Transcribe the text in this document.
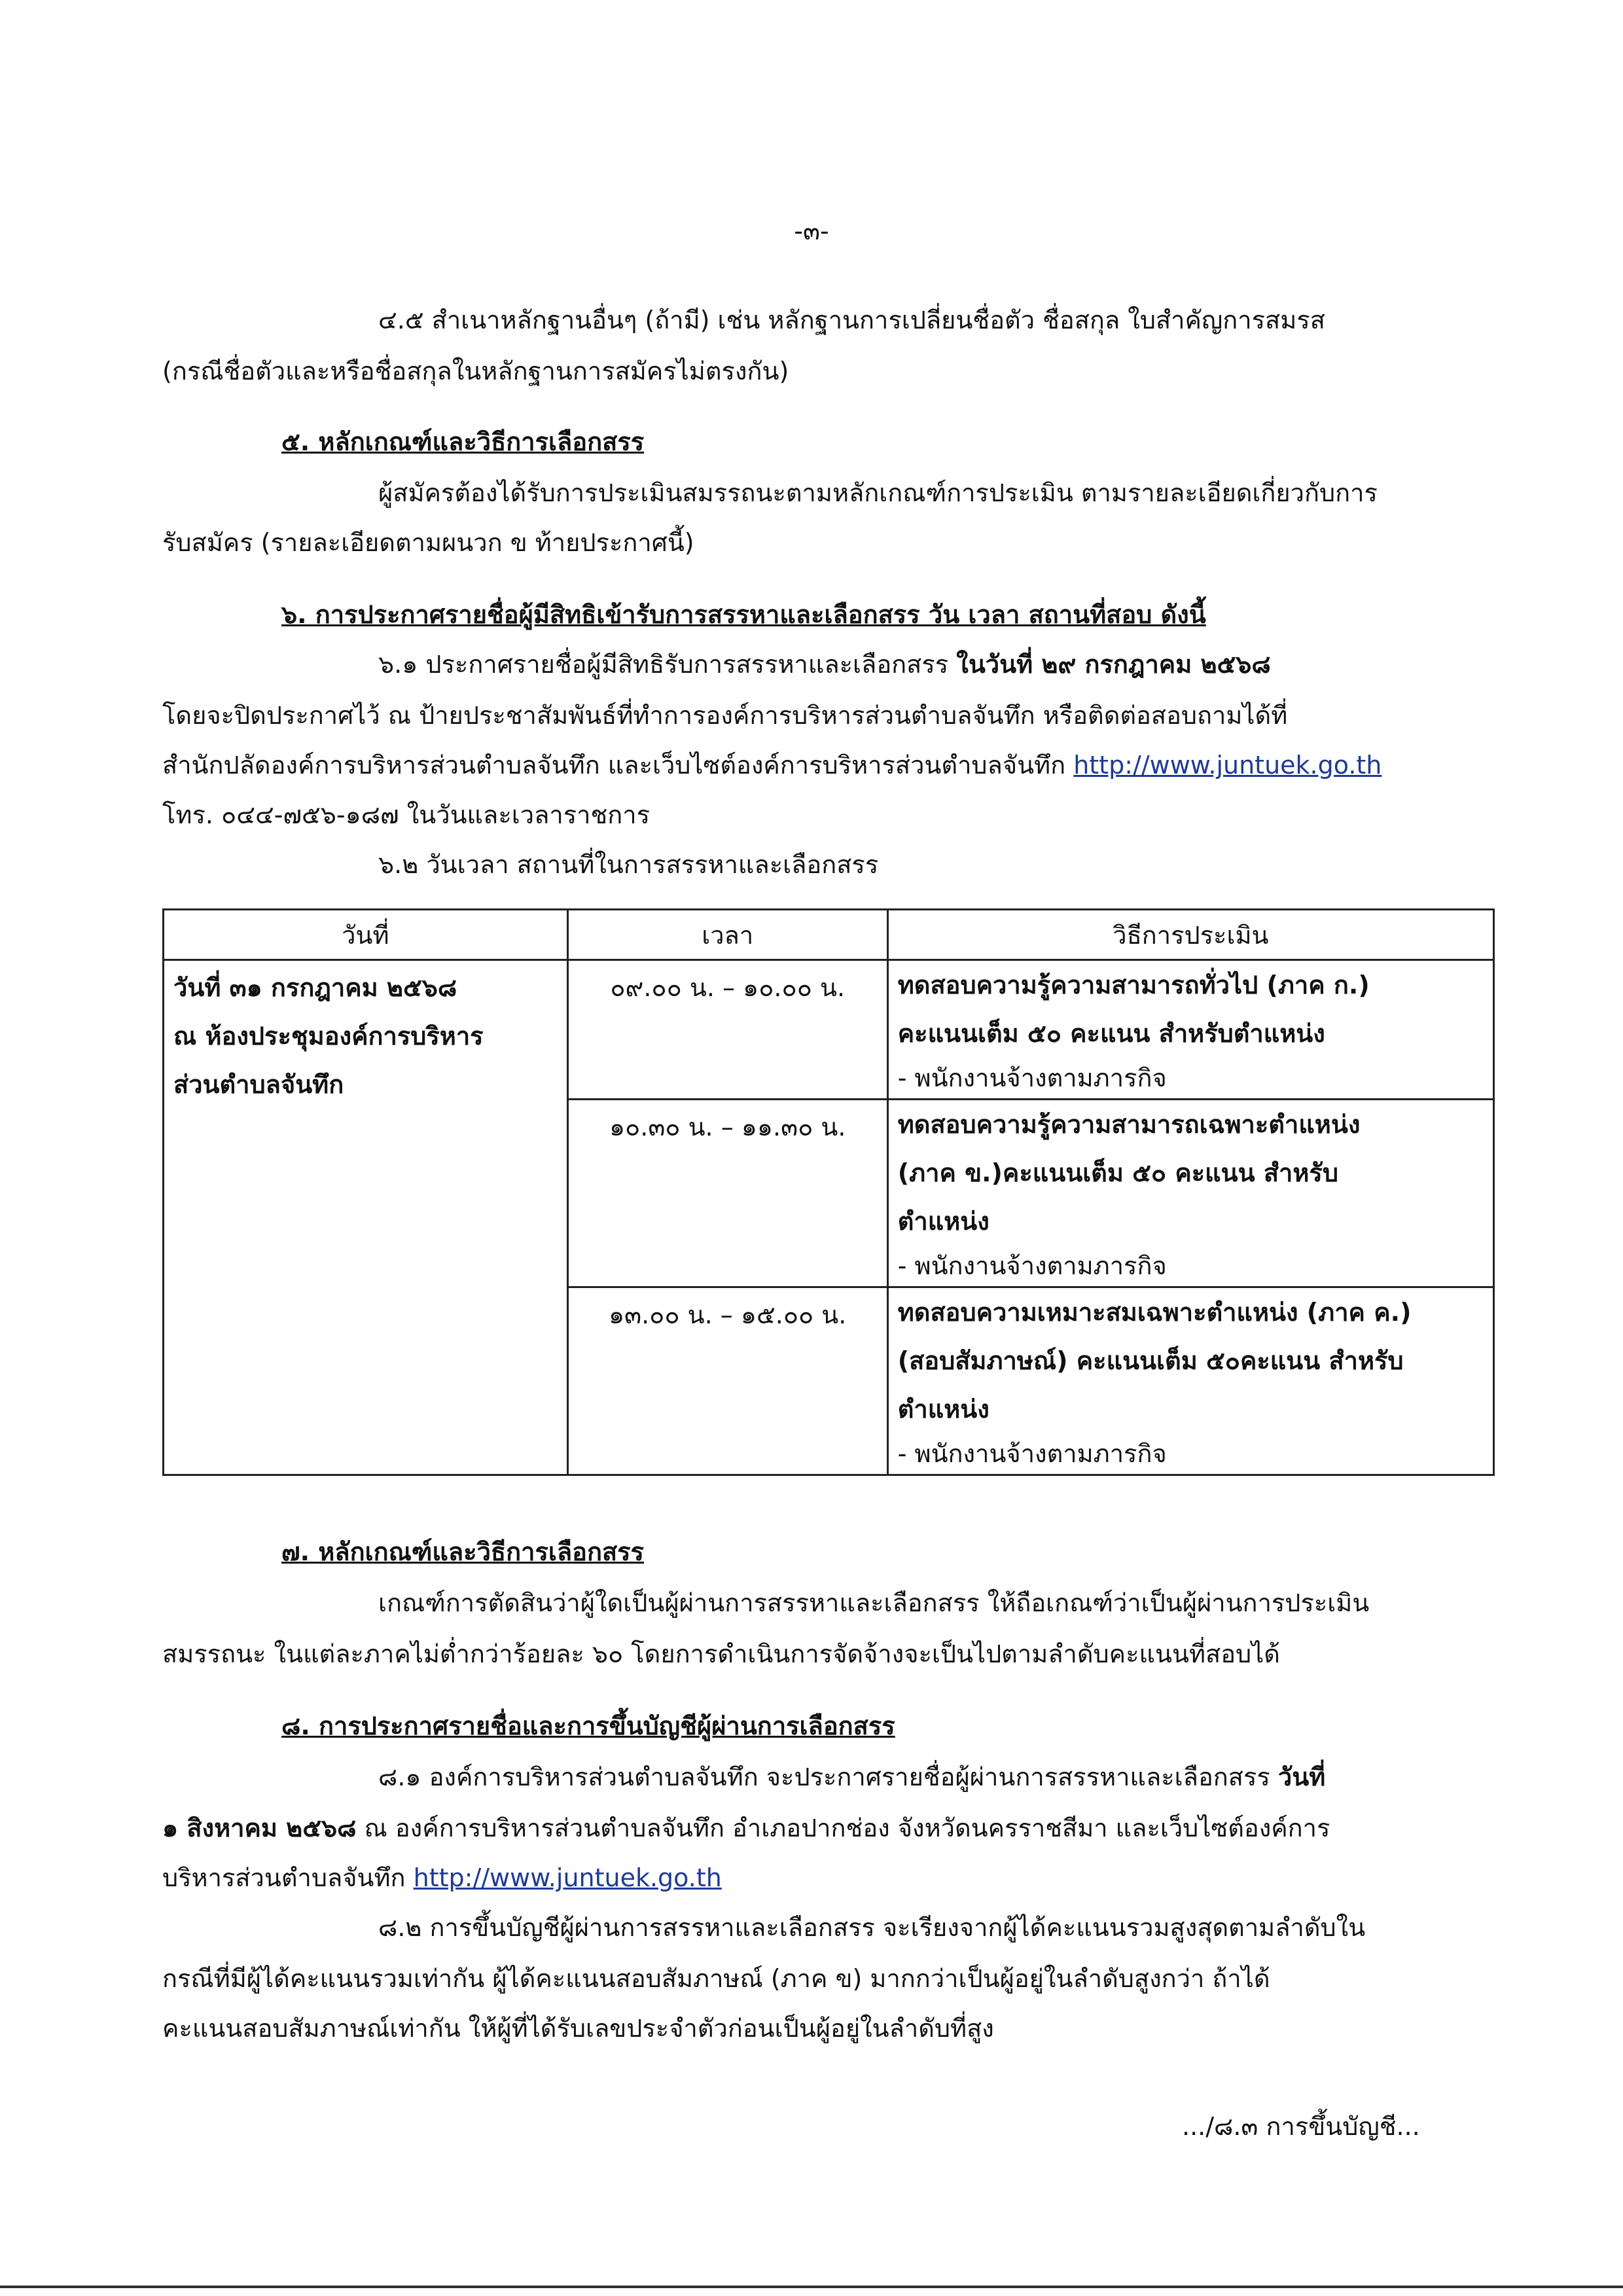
-๓-
๔.๕ สำเนาหลักฐานอื่นๆ (ถ้ามี) เช่น หลักฐานการเปลี่ยนชื่อตัว ชื่อสกุล ใบสำคัญการสมรส
(กรณีชื่อตัวและหรือชื่อสกุลในหลักฐานการสมัครไม่ตรงกัน)
๕. หลักเกณฑ์และวิธีการเลือกสรร
ผู้สมัครต้องได้รับการประเมินสมรรถนะตามหลักเกณฑ์การประเมิน ตามรายละเอียดเกี่ยวกับการ
รับสมัคร (รายละเอียดตามผนวก ข ท้ายประกาศนี้)
๖. การประกาศรายชื่อผู้มีสิทธิเข้ารับการสรรหาและเลือกสรร วัน เวลา สถานที่สอบ ดังนี้
๖.๑ ประกาศรายชื่อผู้มีสิทธิรับการสรรหาและเลือกสรร ในวันที่ ๒๙ กรกฎาคม ๒๕๖๘
โดยจะปิดประกาศไว้ ณ ป้ายประชาสัมพันธ์ที่ทำการองค์การบริหารส่วนตำบลจันทึก หรือติดต่อสอบถามได้ที่
สำนักปลัดองค์การบริหารส่วนตำบลจันทึก และเว็บไซต์องค์การบริหารส่วนตำบลจันทึก http://www.juntuek.go.th
โทร. ๐๔๔-๗๕๖-๑๘๗ ในวันและเวลาราชการ
๖.๒ วันเวลา สถานที่ในการสรรหาและเลือกสรร
วันที่	เวลา	วิธีการประเมิน

วันที่ ๓๑ กรกฎาคม ๒๕๖๘
ณ ห้องประชุมองค์การบริหาร
ส่วนตำบลจันทึก	๐๙.๐๐ น. – ๑๐.๐๐ น.	ทดสอบความรู้ความสามารถทั่วไป (ภาค ก.)
คะแนนเต็ม ๕๐ คะแนน สำหรับตำแหน่ง
- พนักงานจ้างตามภารกิจ

	๑๐.๓๐ น. – ๑๑.๓๐ น.	ทดสอบความรู้ความสามารถเฉพาะตำแหน่ง
(ภาค ข.)คะแนนเต็ม ๕๐ คะแนน สำหรับ
ตำแหน่ง
- พนักงานจ้างตามภารกิจ

	๑๓.๐๐ น. – ๑๕.๐๐ น.	ทดสอบความเหมาะสมเฉพาะตำแหน่ง (ภาค ค.)
(สอบสัมภาษณ์) คะแนนเต็ม ๕๐คะแนน สำหรับ
ตำแหน่ง
- พนักงานจ้างตามภารกิจ
๗. หลักเกณฑ์และวิธีการเลือกสรร
เกณฑ์การตัดสินว่าผู้ใดเป็นผู้ผ่านการสรรหาและเลือกสรร ให้ถือเกณฑ์ว่าเป็นผู้ผ่านการประเมิน
สมรรถนะ ในแต่ละภาคไม่ต่ำกว่าร้อยละ ๖๐ โดยการดำเนินการจัดจ้างจะเป็นไปตามลำดับคะแนนที่สอบได้
๘. การประกาศรายชื่อและการขึ้นบัญชีผู้ผ่านการเลือกสรร
๘.๑ องค์การบริหารส่วนตำบลจันทึก จะประกาศรายชื่อผู้ผ่านการสรรหาและเลือกสรร วันที่
๑ สิงหาคม ๒๕๖๘ ณ องค์การบริหารส่วนตำบลจันทึก อำเภอปากช่อง จังหวัดนครราชสีมา และเว็บไซต์องค์การ
บริหารส่วนตำบลจันทึก http://www.juntuek.go.th
๘.๒ การขึ้นบัญชีผู้ผ่านการสรรหาและเลือกสรร จะเรียงจากผู้ได้คะแนนรวมสูงสุดตามลำดับใน
กรณีที่มีผู้ได้คะแนนรวมเท่ากัน ผู้ได้คะแนนสอบสัมภาษณ์ (ภาค ข) มากกว่าเป็นผู้อยู่ในลำดับสูงกว่า ถ้าได้
คะแนนสอบสัมภาษณ์เท่ากัน ให้ผู้ที่ได้รับเลขประจำตัวก่อนเป็นผู้อยู่ในลำดับที่สูง
.../๘.๓ การขึ้นบัญชี...
